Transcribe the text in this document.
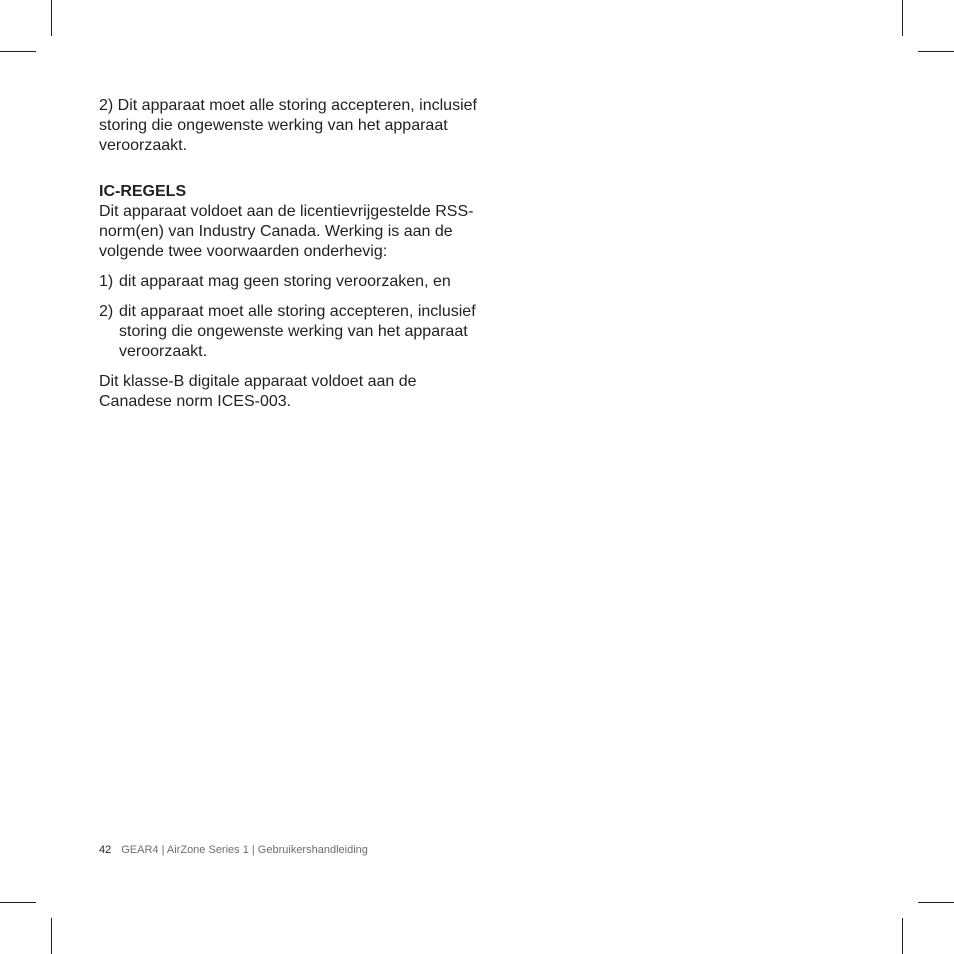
2) Dit apparaat moet alle storing accepteren, inclusief storing die ongewenste werking van het apparaat veroorzaakt.

IC-REGELS

Dit apparaat voldoet aan de licentievrijgestelde RSS-norm(en) van Industry Canada. Werking is aan de volgende twee voorwaarden onderhevig:

1) dit apparaat mag geen storing veroorzaken, en
2) dit apparaat moet alle storing accepteren, inclusief storing die ongewenste werking van het apparaat veroorzaakt.

Dit klasse-B digitale apparaat voldoet aan de Canadese norm ICES-003.

42 GEAR4 | AirZone Series 1 | Gebruikershandleiding
